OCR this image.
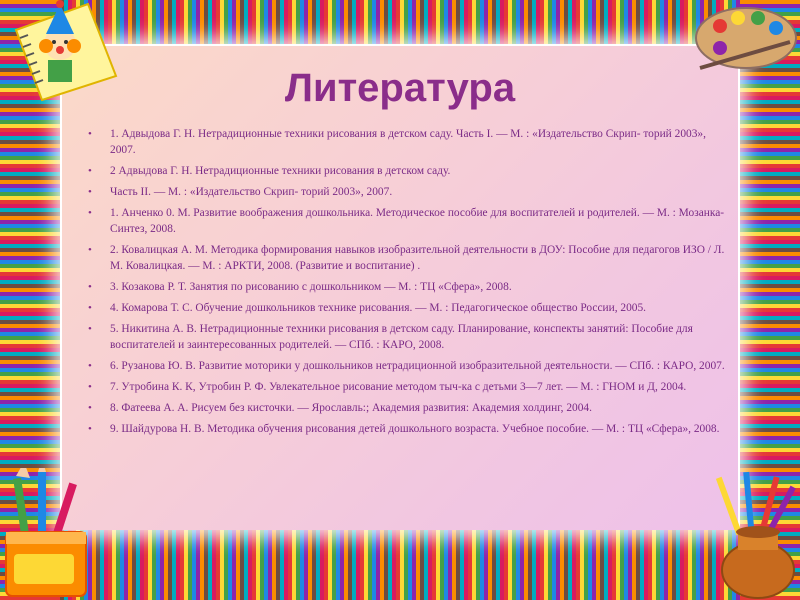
Литература
• 1. Адвыдова Г. Н. Нетрадиционные техники рисования в детском саду. Часть I. — М. : «Издательство Скрип- торий 2003», 2007.
• 2 Адвыдова Г. Н. Нетрадиционные техники рисования в детском саду.
• Часть II. — М. : «Издательство Скрип- торий 2003», 2007.
• 1. Анченко 0. М. Развитие воображения дошкольника. Методическое пособие для воспитателей и родителей. — М. : Мозанка-Синтез, 2008.
• 2. Ковалицкая А. М. Методика формирования навыков изобразительной деятельности в ДОУ: Пособие для педагогов ИЗО / Л. М. Ковалицкая. — М. : АРКТИ, 2008. (Развитие и воспитание) .
• 3. Козакова Р. Т. Занятия по рисованию с дошкольником — М. : ТЦ «Сфера», 2008.
• 4. Комарова Т. С. Обучение дошкольников технике рисования. — М. : Педагогическое общество России, 2005.
• 5. Никитина А. В. Нетрадиционные техники рисования в детском саду. Планирование, конспекты занятий: Пособие для воспитателей и заинтересованных родителей. — СПб. : КАРО, 2008.
• 6. Рузанова Ю. В. Развитие моторики у дошкольников нетрадиционной изобразительной деятельности. — СПб. : КАРО, 2007.
• 7. Утробина К. К, Утробин Р. Ф. Увлекательное рисование методом тыч-ка с детьми 3—7 лет. — М. : ГНОМ и Д, 2004.
• 8. Фатеева А. А. Рисуем без кисточки. — Ярославль:; Академия развития: Академия холдинг, 2004.
• 9. Шайдурова Н. В. Методика обучения рисования детей дошкольного возраста. Учебное пособие. — М. : ТЦ «Сфера», 2008.
